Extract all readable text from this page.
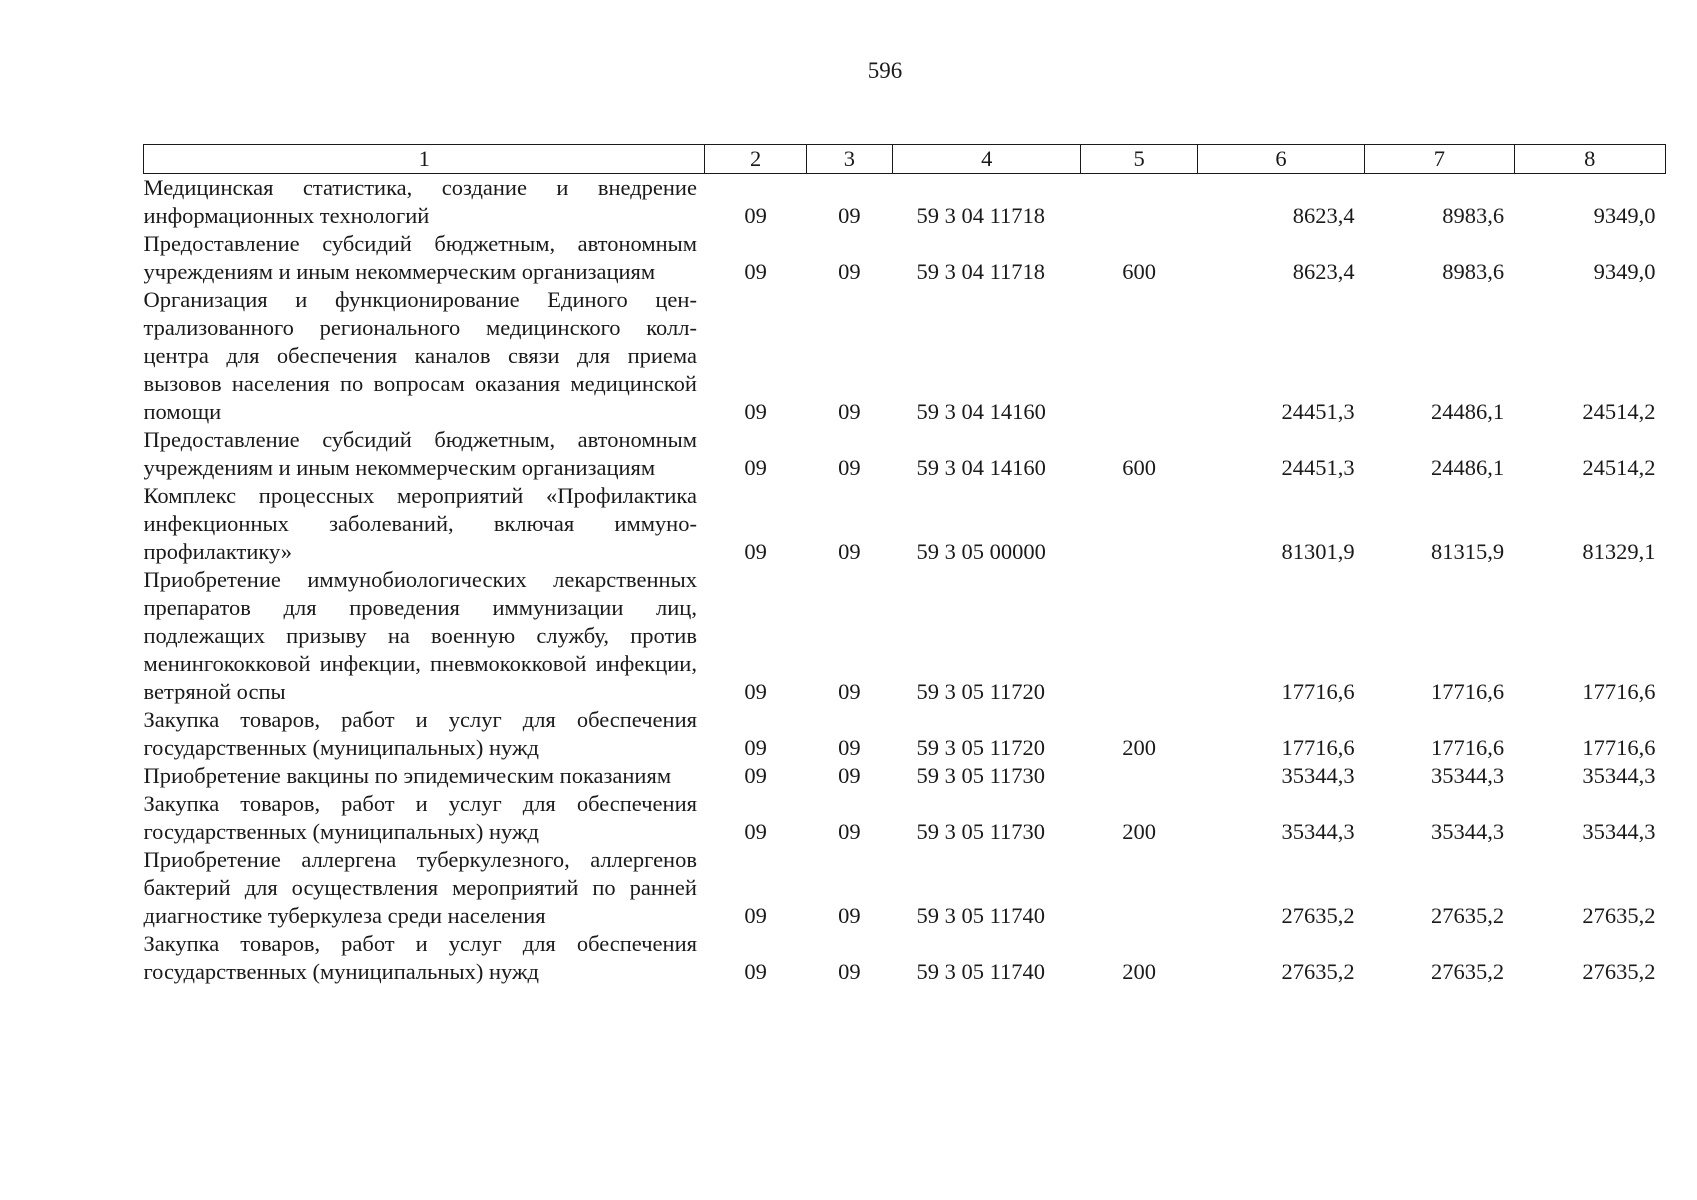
596
1	2	3	4	5	6	7	8
Медицинская статистика, создание и внедрение информационных технологий	09	09	59 3 04 11718		8623,4	8983,6	9349,0
Предоставление субсидий бюджетным, автономным учреждениям и иным некоммерческим организациям	09	09	59 3 04 11718	600	8623,4	8983,6	9349,0
Организация и функционирование Единого централизованного регионального медицинского колл-центра для обеспечения каналов связи для приема вызовов населения по вопросам оказания медицинской помощи	09	09	59 3 04 14160		24451,3	24486,1	24514,2
Предоставление субсидий бюджетным, автономным учреждениям и иным некоммерческим организациям	09	09	59 3 04 14160	600	24451,3	24486,1	24514,2
Комплекс процессных мероприятий «Профилактика инфекционных заболеваний, включая иммунопрофилактику»	09	09	59 3 05 00000		81301,9	81315,9	81329,1
Приобретение иммунобиологических лекарственных препаратов для проведения иммунизации лиц, подлежащих призыву на военную службу, против менингококковой инфекции, пневмококковой инфекции, ветряной оспы	09	09	59 3 05 11720		17716,6	17716,6	17716,6
Закупка товаров, работ и услуг для обеспечения государственных (муниципальных) нужд	09	09	59 3 05 11720	200	17716,6	17716,6	17716,6
Приобретение вакцины по эпидемическим показаниям	09	09	59 3 05 11730		35344,3	35344,3	35344,3
Закупка товаров, работ и услуг для обеспечения государственных (муниципальных) нужд	09	09	59 3 05 11730	200	35344,3	35344,3	35344,3
Приобретение аллергена туберкулезного, аллергенов бактерий для осуществления мероприятий по ранней диагностике туберкулеза среди населения	09	09	59 3 05 11740		27635,2	27635,2	27635,2
Закупка товаров, работ и услуг для обеспечения государственных (муниципальных) нужд	09	09	59 3 05 11740	200	27635,2	27635,2	27635,2
